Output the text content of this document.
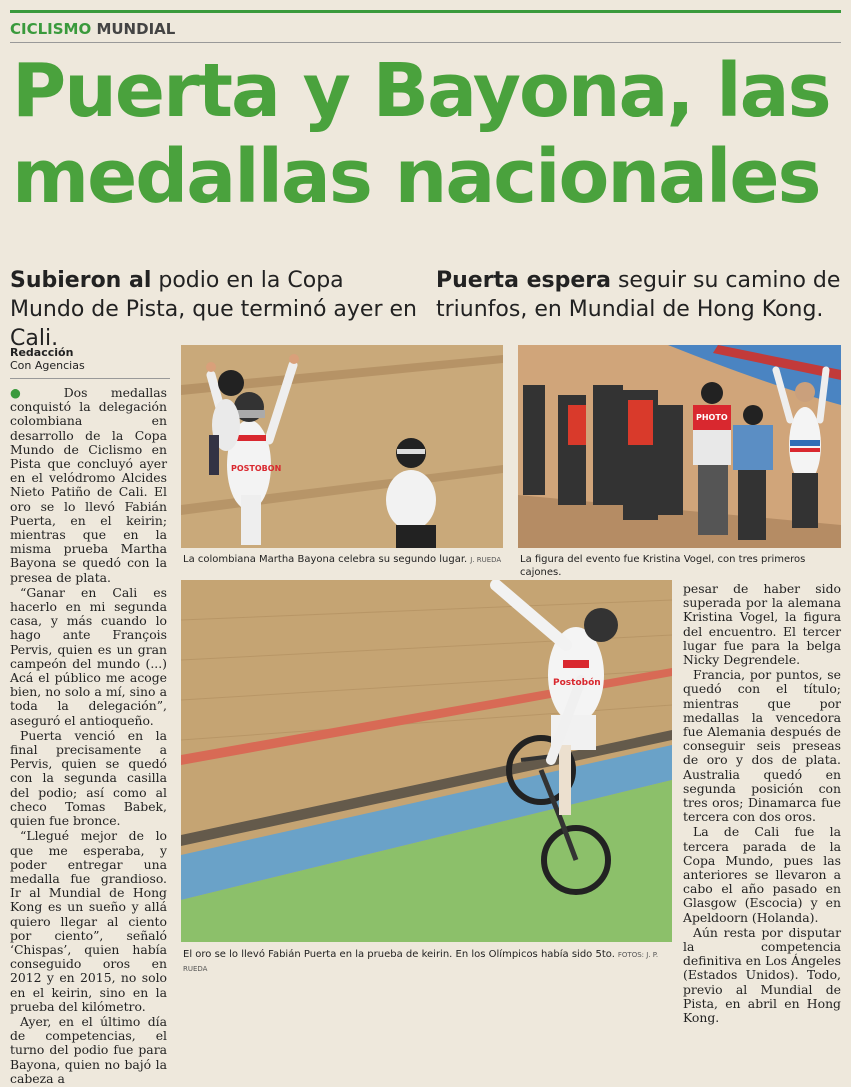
CICLISMO MUNDIAL
Puerta y Bayona, las
medallas nacionales
Subieron al podio en la Copa Mundo de Pista, que terminó ayer en Cali.
Puerta espera seguir su camino de triunfos, en Mundial de Hong Kong.
Redacción
Con Agencias

● Dos medallas conquistó la delegación colombiana en desarrollo de la Copa Mundo de Ciclismo en Pista que concluyó ayer en el velódromo Alcides Nieto Patiño de Cali. El oro se lo llevó Fabián Puerta, en el keirin; mientras que en la misma prueba Martha Bayona se quedó con la presea de plata.

“Ganar en Cali es hacerlo en mi segunda casa, y más cuando lo hago ante François Pervis, quien es un gran campeón del mundo (...) Acá el público me acoge bien, no solo a mí, sino a toda la delegación”, aseguró el antioqueño.

Puerta venció en la final precisamente a Pervis, quien se quedó con la segunda casilla del podio; así como al checo Tomas Babek, quien fue bronce.

“Llegué mejor de lo que me esperaba, y poder entregar una medalla fue grandioso. Ir al Mundial de Hong Kong es un sueño y allá quiero llegar al ciento por ciento”, señaló ‘Chispas’, quien había conseguido oros en 2012 y en 2015, no solo en el keirin, sino en la prueba del kilómetro.

Ayer, en el último día de competencias, el turno del podio fue para Bayona, quien no bajó la cabeza a

POSTOBON
La colombiana Martha Bayona celebra su segundo lugar. J. RUEDA
PHOTO
La figura del evento fue Kristina Vogel, con tres primeros cajones.
Postobón
El oro se lo llevó Fabián Puerta en la prueba de keirin. En los Olímpicos había sido 5to. FOTOS: J. P. RUEDA

pesar de haber sido superada por la alemana Kristina Vogel, la figura del encuentro. El tercer lugar fue para la belga Nicky Degrendele.

Francia, por puntos, se quedó con el título; mientras que por medallas la vencedora fue Alemania después de conseguir seis preseas de oro y dos de plata. Australia quedó en segunda posición con tres oros; Dinamarca fue tercera con dos oros.

La de Cali fue la tercera parada de la Copa Mundo, pues las anteriores se llevaron a cabo el año pasado en Glasgow (Escocia) y en Apeldoorn (Holanda).

Aún resta por disputar la competencia definitiva en Los Ángeles (Estados Unidos). Todo, previo al Mundial de Pista, en abril en Hong Kong.
